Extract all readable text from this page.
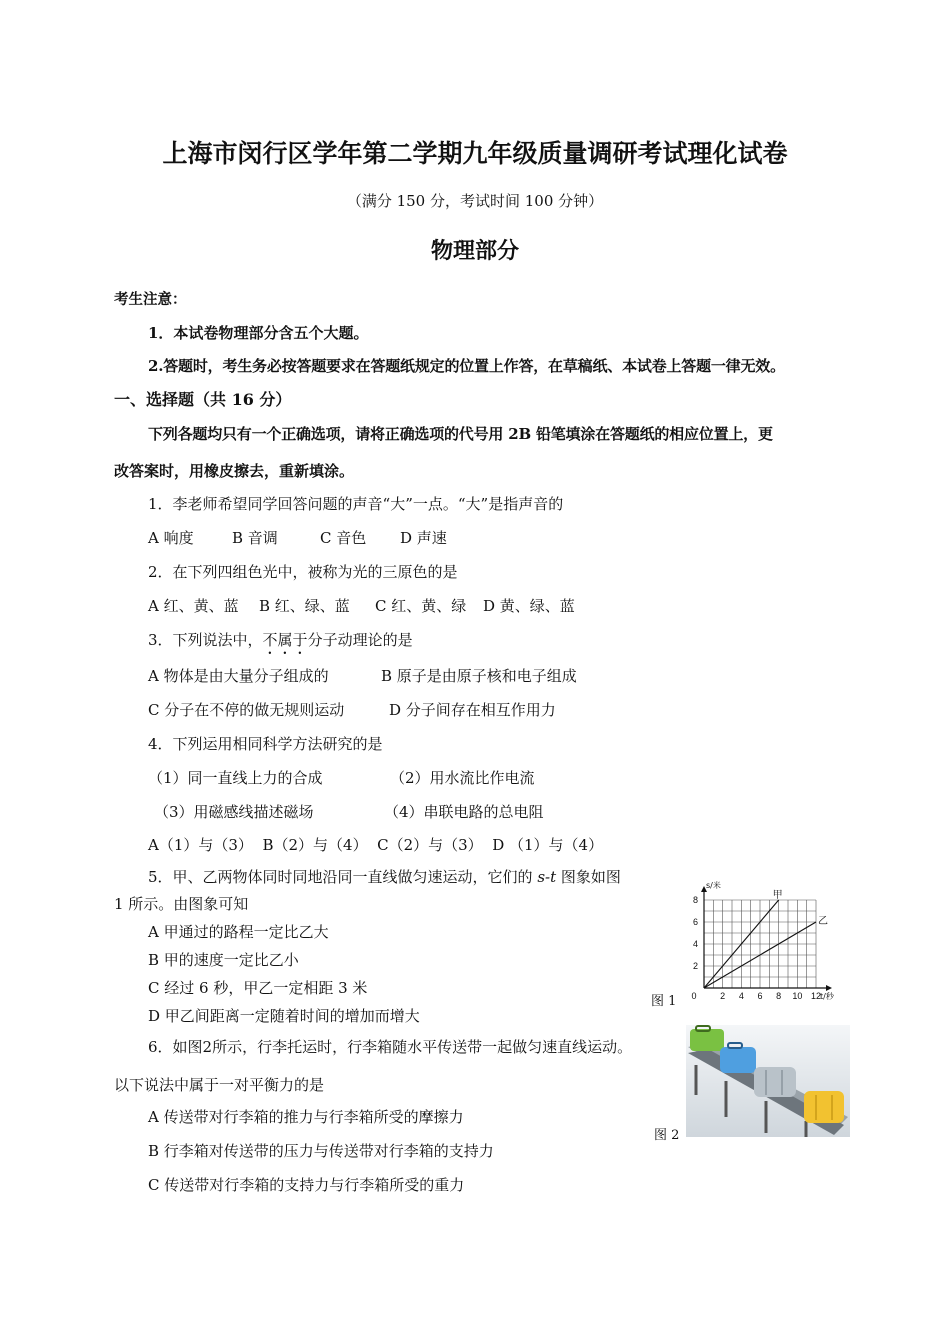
上海市闵行区学年第二学期九年级质量调研考试理化试卷
（满分 150 分，考试时间 100 分钟）
物理部分
考生注意：
1．本试卷物理部分含五个大题。
2.答题时，考生务必按答题要求在答题纸规定的位置上作答，在草稿纸、本试卷上答题一律无效。
一、选择题（共 16 分）
下列各题均只有一个正确选项，请将正确选项的代号用 2B 铅笔填涂在答题纸的相应位置上，更
改答案时，用橡皮擦去，重新填涂。
1．李老师希望同学回答问题的声音“大”一点。“大”是指声音的
A 响度	B 音调	C 音色 D 声速
2．在下列四组色光中，被称为光的三原色的是
A 红、黄、蓝 B 红、绿、蓝 C 红、黄、绿 D 黄、绿、蓝
3．下列说法中，不属于分子动理论的是
A 物体是由大量分子组成的	B 原子是由原子核和电子组成
C 分子在不停的做无规则运动	D 分子间存在相互作用力
4．下列运用相同科学方法研究的是
（1）同一直线上力的合成	（2）用水流比作电流
（3）用磁感线描述磁场	（4）串联电路的总电阻
A（1）与（3）  B（2）与（4）  C（2）与（3）  D （1）与（4）
5．甲、乙两物体同时同地沿同一直线做匀速运动，它们的 s-t 图象如图
1 所示。由图象可知
A 甲通过的路程一定比乙大
B 甲的速度一定比乙小
C 经过 6 秒，甲乙一定相距 3 米
D 甲乙间距离一定随着时间的增加而增大
图 1 0	2 4 6 8 10 12
2
4
6
8
s/米
t/秒
甲
乙
6．如图2所示，行李托运时，行李箱随水平传送带一起做匀速直线运动。
以下说法中属于一对平衡力的是
A 传送带对行李箱的推力与行李箱所受的摩擦力
B 行李箱对传送带的压力与传送带对行李箱的支持力
C 传送带对行李箱的支持力与行李箱所受的重力
图 2
